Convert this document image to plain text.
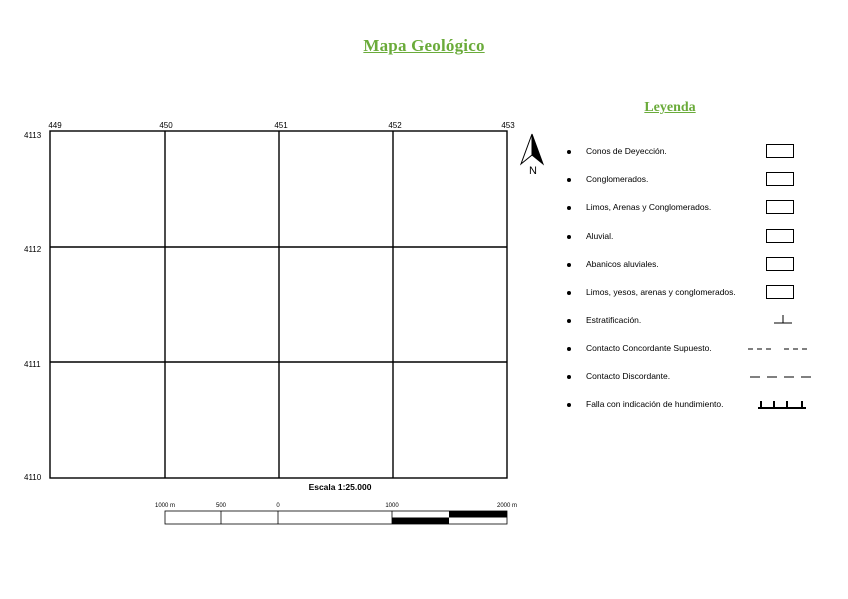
Mapa Geológico
449	450	451	452	453
4113
4112
4111
4110
N
Escala 1:25.000
1000 m	500	0	1000	2000 m
Leyenda
Conos de Deyección.
Conglomerados.
Limos, Arenas y Conglomerados.
Aluvial.
Abanicos aluviales.
Limos, yesos, arenas y conglomerados.
Estratificación.
Contacto Concordante Supuesto.
Contacto Discordante.
Falla con indicación de hundimiento.
